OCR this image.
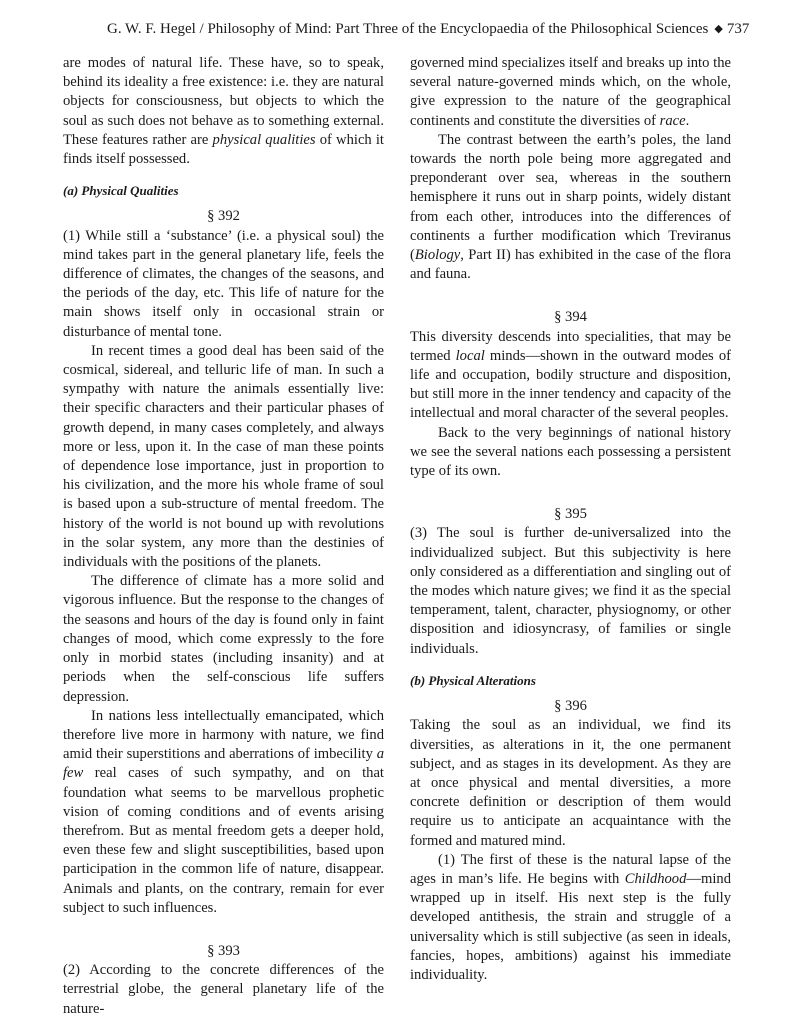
G. W. F. Hegel / Philosophy of Mind: Part Three of the Encyclopaedia of the Philosophical Sciences ◆ 737

are modes of natural life. These have, so to speak, behind its ideality a free existence: i.e. they are natural objects for consciousness, but objects to which the soul as such does not behave as to something external. These features rather are physical qualities of which it finds itself possessed.

(a) Physical Qualities

§ 392

(1) While still a ‘substance’ (i.e. a physical soul) the mind takes part in the general planetary life, feels the difference of climates, the changes of the seasons, and the periods of the day, etc. This life of nature for the main shows itself only in occasional strain or disturbance of mental tone.

In recent times a good deal has been said of the cosmical, sidereal, and telluric life of man. In such a sympathy with nature the animals essentially live: their specific characters and their particular phases of growth depend, in many cases completely, and always more or less, upon it. In the case of man these points of dependence lose importance, just in proportion to his civilization, and the more his whole frame of soul is based upon a sub-structure of mental freedom. The history of the world is not bound up with revolutions in the solar system, any more than the destinies of individuals with the positions of the planets.

The difference of climate has a more solid and vigorous influence. But the response to the changes of the seasons and hours of the day is found only in faint changes of mood, which come expressly to the fore only in morbid states (including insanity) and at periods when the self-conscious life suffers depression.

In nations less intellectually emancipated, which therefore live more in harmony with nature, we find amid their superstitions and aberrations of imbecility a few real cases of such sympathy, and on that foundation what seems to be marvellous prophetic vision of coming conditions and of events arising therefrom. But as mental freedom gets a deeper hold, even these few and slight susceptibilities, based upon participation in the common life of nature, disappear. Animals and plants, on the contrary, remain for ever subject to such influences.

§ 393

(2) According to the concrete differences of the terrestrial globe, the general planetary life of the nature-

governed mind specializes itself and breaks up into the several nature-governed minds which, on the whole, give expression to the nature of the geographical continents and constitute the diversities of race.

The contrast between the earth’s poles, the land towards the north pole being more aggregated and preponderant over sea, whereas in the southern hemisphere it runs out in sharp points, widely distant from each other, introduces into the differences of continents a further modification which Treviranus (Biology, Part II) has exhibited in the case of the flora and fauna.

§ 394

This diversity descends into specialities, that may be termed local minds—shown in the outward modes of life and occupation, bodily structure and disposition, but still more in the inner tendency and capacity of the intellectual and moral character of the several peoples.

Back to the very beginnings of national history we see the several nations each possessing a persistent type of its own.

§ 395

(3) The soul is further de-universalized into the individualized subject. But this subjectivity is here only considered as a differentiation and singling out of the modes which nature gives; we find it as the special temperament, talent, character, physiognomy, or other disposition and idiosyncrasy, of families or single individuals.

(b) Physical Alterations

§ 396

Taking the soul as an individual, we find its diversities, as alterations in it, the one permanent subject, and as stages in its development. As they are at once physical and mental diversities, a more concrete definition or description of them would require us to anticipate an acquaintance with the formed and matured mind.

(1) The first of these is the natural lapse of the ages in man’s life. He begins with Childhood—mind wrapped up in itself. His next step is the fully developed antithesis, the strain and struggle of a universality which is still subjective (as seen in ideals, fancies, hopes, ambitions) against his immediate individuality.
